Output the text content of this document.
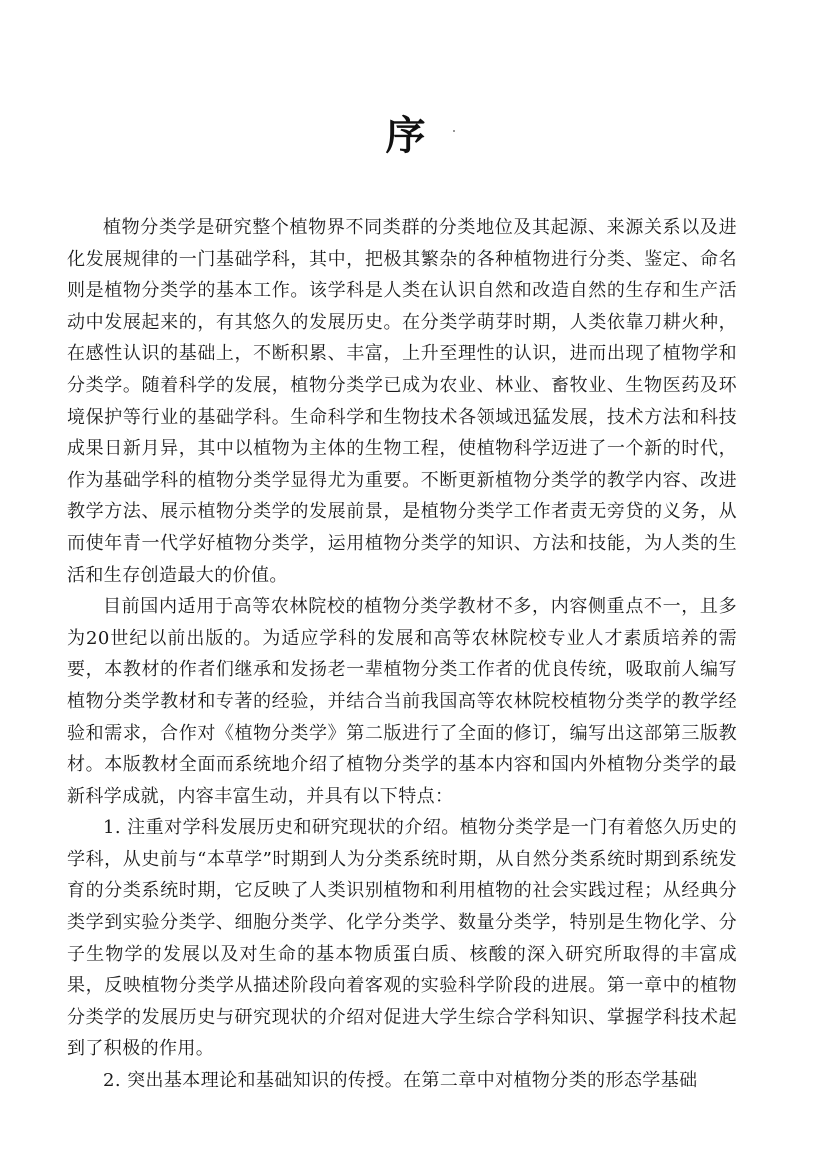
序

植物分类学是研究整个植物界不同类群的分类地位及其起源、来源关系以及进化发展规律的一门基础学科，其中，把极其繁杂的各种植物进行分类、鉴定、命名则是植物分类学的基本工作。该学科是人类在认识自然和改造自然的生存和生产活动中发展起来的，有其悠久的发展历史。在分类学萌芽时期，人类依靠刀耕火种，在感性认识的基础上，不断积累、丰富，上升至理性的认识，进而出现了植物学和分类学。随着科学的发展，植物分类学已成为农业、林业、畜牧业、生物医药及环境保护等行业的基础学科。生命科学和生物技术各领域迅猛发展，技术方法和科技成果日新月异，其中以植物为主体的生物工程，使植物科学迈进了一个新的时代，作为基础学科的植物分类学显得尤为重要。不断更新植物分类学的教学内容、改进教学方法、展示植物分类学的发展前景，是植物分类学工作者责无旁贷的义务，从而使年青一代学好植物分类学，运用植物分类学的知识、方法和技能，为人类的生活和生存创造最大的价值。

目前国内适用于高等农林院校的植物分类学教材不多，内容侧重点不一，且多为20世纪以前出版的。为适应学科的发展和高等农林院校专业人才素质培养的需要，本教材的作者们继承和发扬老一辈植物分类工作者的优良传统，吸取前人编写植物分类学教材和专著的经验，并结合当前我国高等农林院校植物分类学的教学经验和需求，合作对《植物分类学》第二版进行了全面的修订，编写出这部第三版教材。本版教材全面而系统地介绍了植物分类学的基本内容和国内外植物分类学的最新科学成就，内容丰富生动，并具有以下特点：

1. 注重对学科发展历史和研究现状的介绍。植物分类学是一门有着悠久历史的学科，从史前与“本草学”时期到人为分类系统时期，从自然分类系统时期到系统发育的分类系统时期，它反映了人类识别植物和利用植物的社会实践过程；从经典分类学到实验分类学、细胞分类学、化学分类学、数量分类学，特别是生物化学、分子生物学的发展以及对生命的基本物质蛋白质、核酸的深入研究所取得的丰富成果，反映植物分类学从描述阶段向着客观的实验科学阶段的进展。第一章中的植物分类学的发展历史与研究现状的介绍对促进大学生综合学科知识、掌握学科技术起到了积极的作用。

2. 突出基本理论和基础知识的传授。在第二章中对植物分类的形态学基础
